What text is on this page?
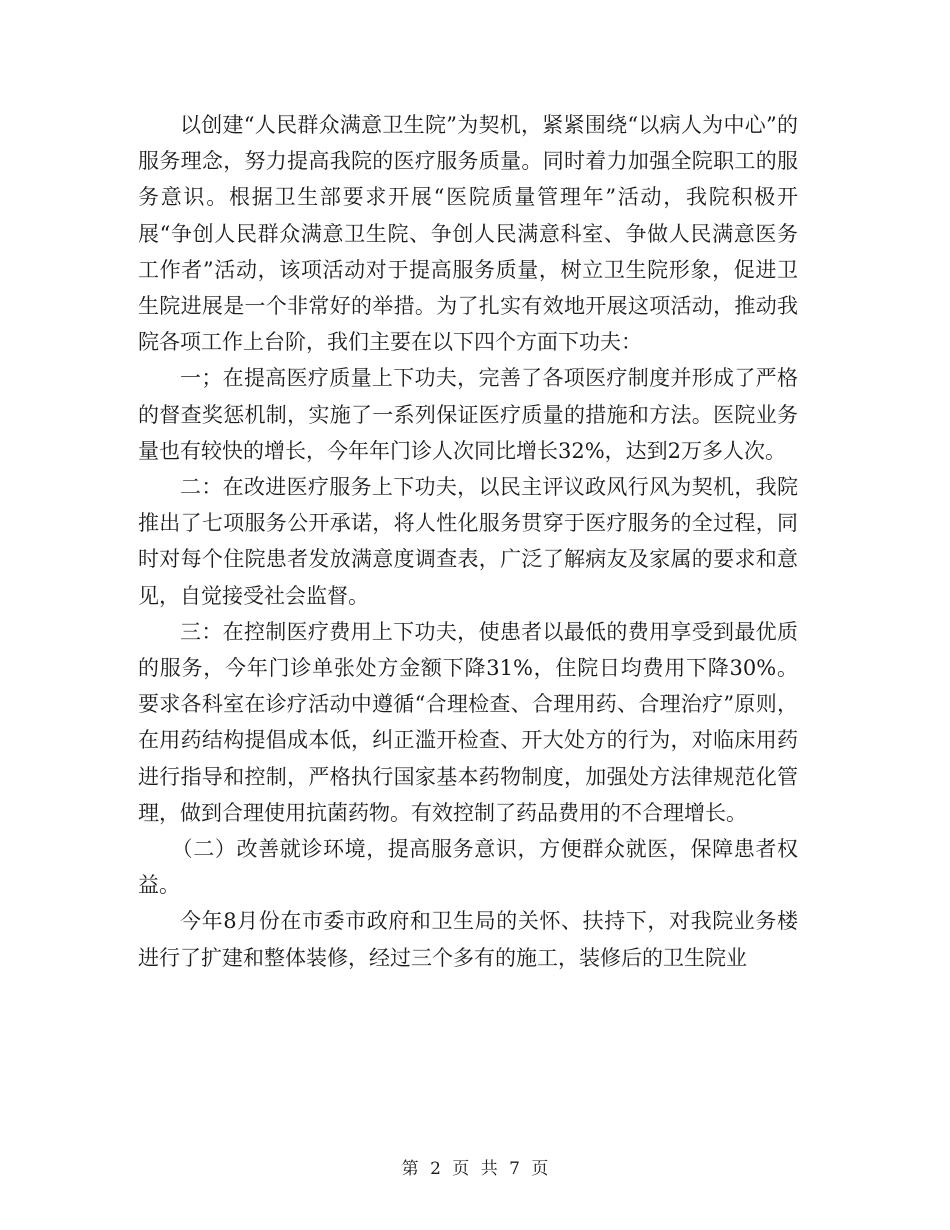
以创建“人民群众满意卫生院”为契机，紧紧围绕“以病人为中心”的服务理念，努力提高我院的医疗服务质量。同时着力加强全院职工的服务意识。根据卫生部要求开展“医院质量管理年”活动，我院积极开展“争创人民群众满意卫生院、争创人民满意科室、争做人民满意医务工作者”活动，该项活动对于提高服务质量，树立卫生院形象，促进卫生院进展是一个非常好的举措。为了扎实有效地开展这项活动，推动我院各项工作上台阶，我们主要在以下四个方面下功夫：

一；在提高医疗质量上下功夫，完善了各项医疗制度并形成了严格的督查奖惩机制，实施了一系列保证医疗质量的措施和方法。医院业务量也有较快的增长，今年年门诊人次同比增长32%，达到2万多人次。

二：在改进医疗服务上下功夫，以民主评议政风行风为契机，我院推出了七项服务公开承诺，将人性化服务贯穿于医疗服务的全过程，同时对每个住院患者发放满意度调查表，广泛了解病友及家属的要求和意见，自觉接受社会监督。

三：在控制医疗费用上下功夫，使患者以最低的费用享受到最优质的服务，今年门诊单张处方金额下降31%，住院日均费用下降30%。要求各科室在诊疗活动中遵循“合理检查、合理用药、合理治疗”原则，在用药结构提倡成本低，纠正滥开检查、开大处方的行为，对临床用药进行指导和控制，严格执行国家基本药物制度，加强处方法律规范化管理，做到合理使用抗菌药物。有效控制了药品费用的不合理增长。

（二）改善就诊环境，提高服务意识，方便群众就医，保障患者权益。

今年8月份在市委市政府和卫生局的关怀、扶持下，对我院业务楼进行了扩建和整体装修，经过三个多有的施工，装修后的卫生院业

第 2 页 共 7 页
